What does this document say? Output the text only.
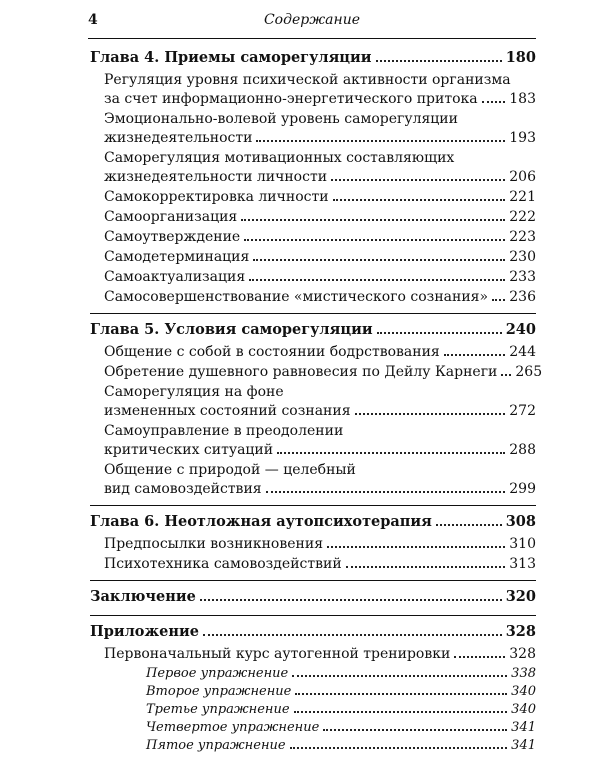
4	Содержание
Глава 4. Приемы саморегуляции	180
Регуляция уровня психической активности организма
за счет информационно-энергетического притока 183
Эмоционально-волевой уровень саморегуляции
жизнедеятельности	193
Саморегуляция мотивационных составляющих
жизнедеятельности личности	206
Самокорректировка личности	221
Самоорганизация	222
Самоутверждение	223
Самодетерминация	230
Самоактуализация	233
Самосовершенствование «мистического сознания» 236
Глава 5. Условия саморегуляции	240
Общение с собой в состоянии бодрствования	244
Обретение душевного равновесия по Дейлу Карнеги 265
Саморегуляция на фоне
измененных состояний сознания	272
Самоуправление в преодолении
критических ситуаций	288
Общение с природой — целебный
вид самовоздействия	299
Глава 6. Неотложная аутопсихотерапия	308
Предпосылки возникновения	310
Психотехника самовоздействий	313
Заключение	320
Приложение	328
Первоначальный курс аутогенной тренировки	328
Первое упражнение	338
Второе упражнение	340
Третье упражнение	340
Четвертое упражнение	341
Пятое упражнение	341
